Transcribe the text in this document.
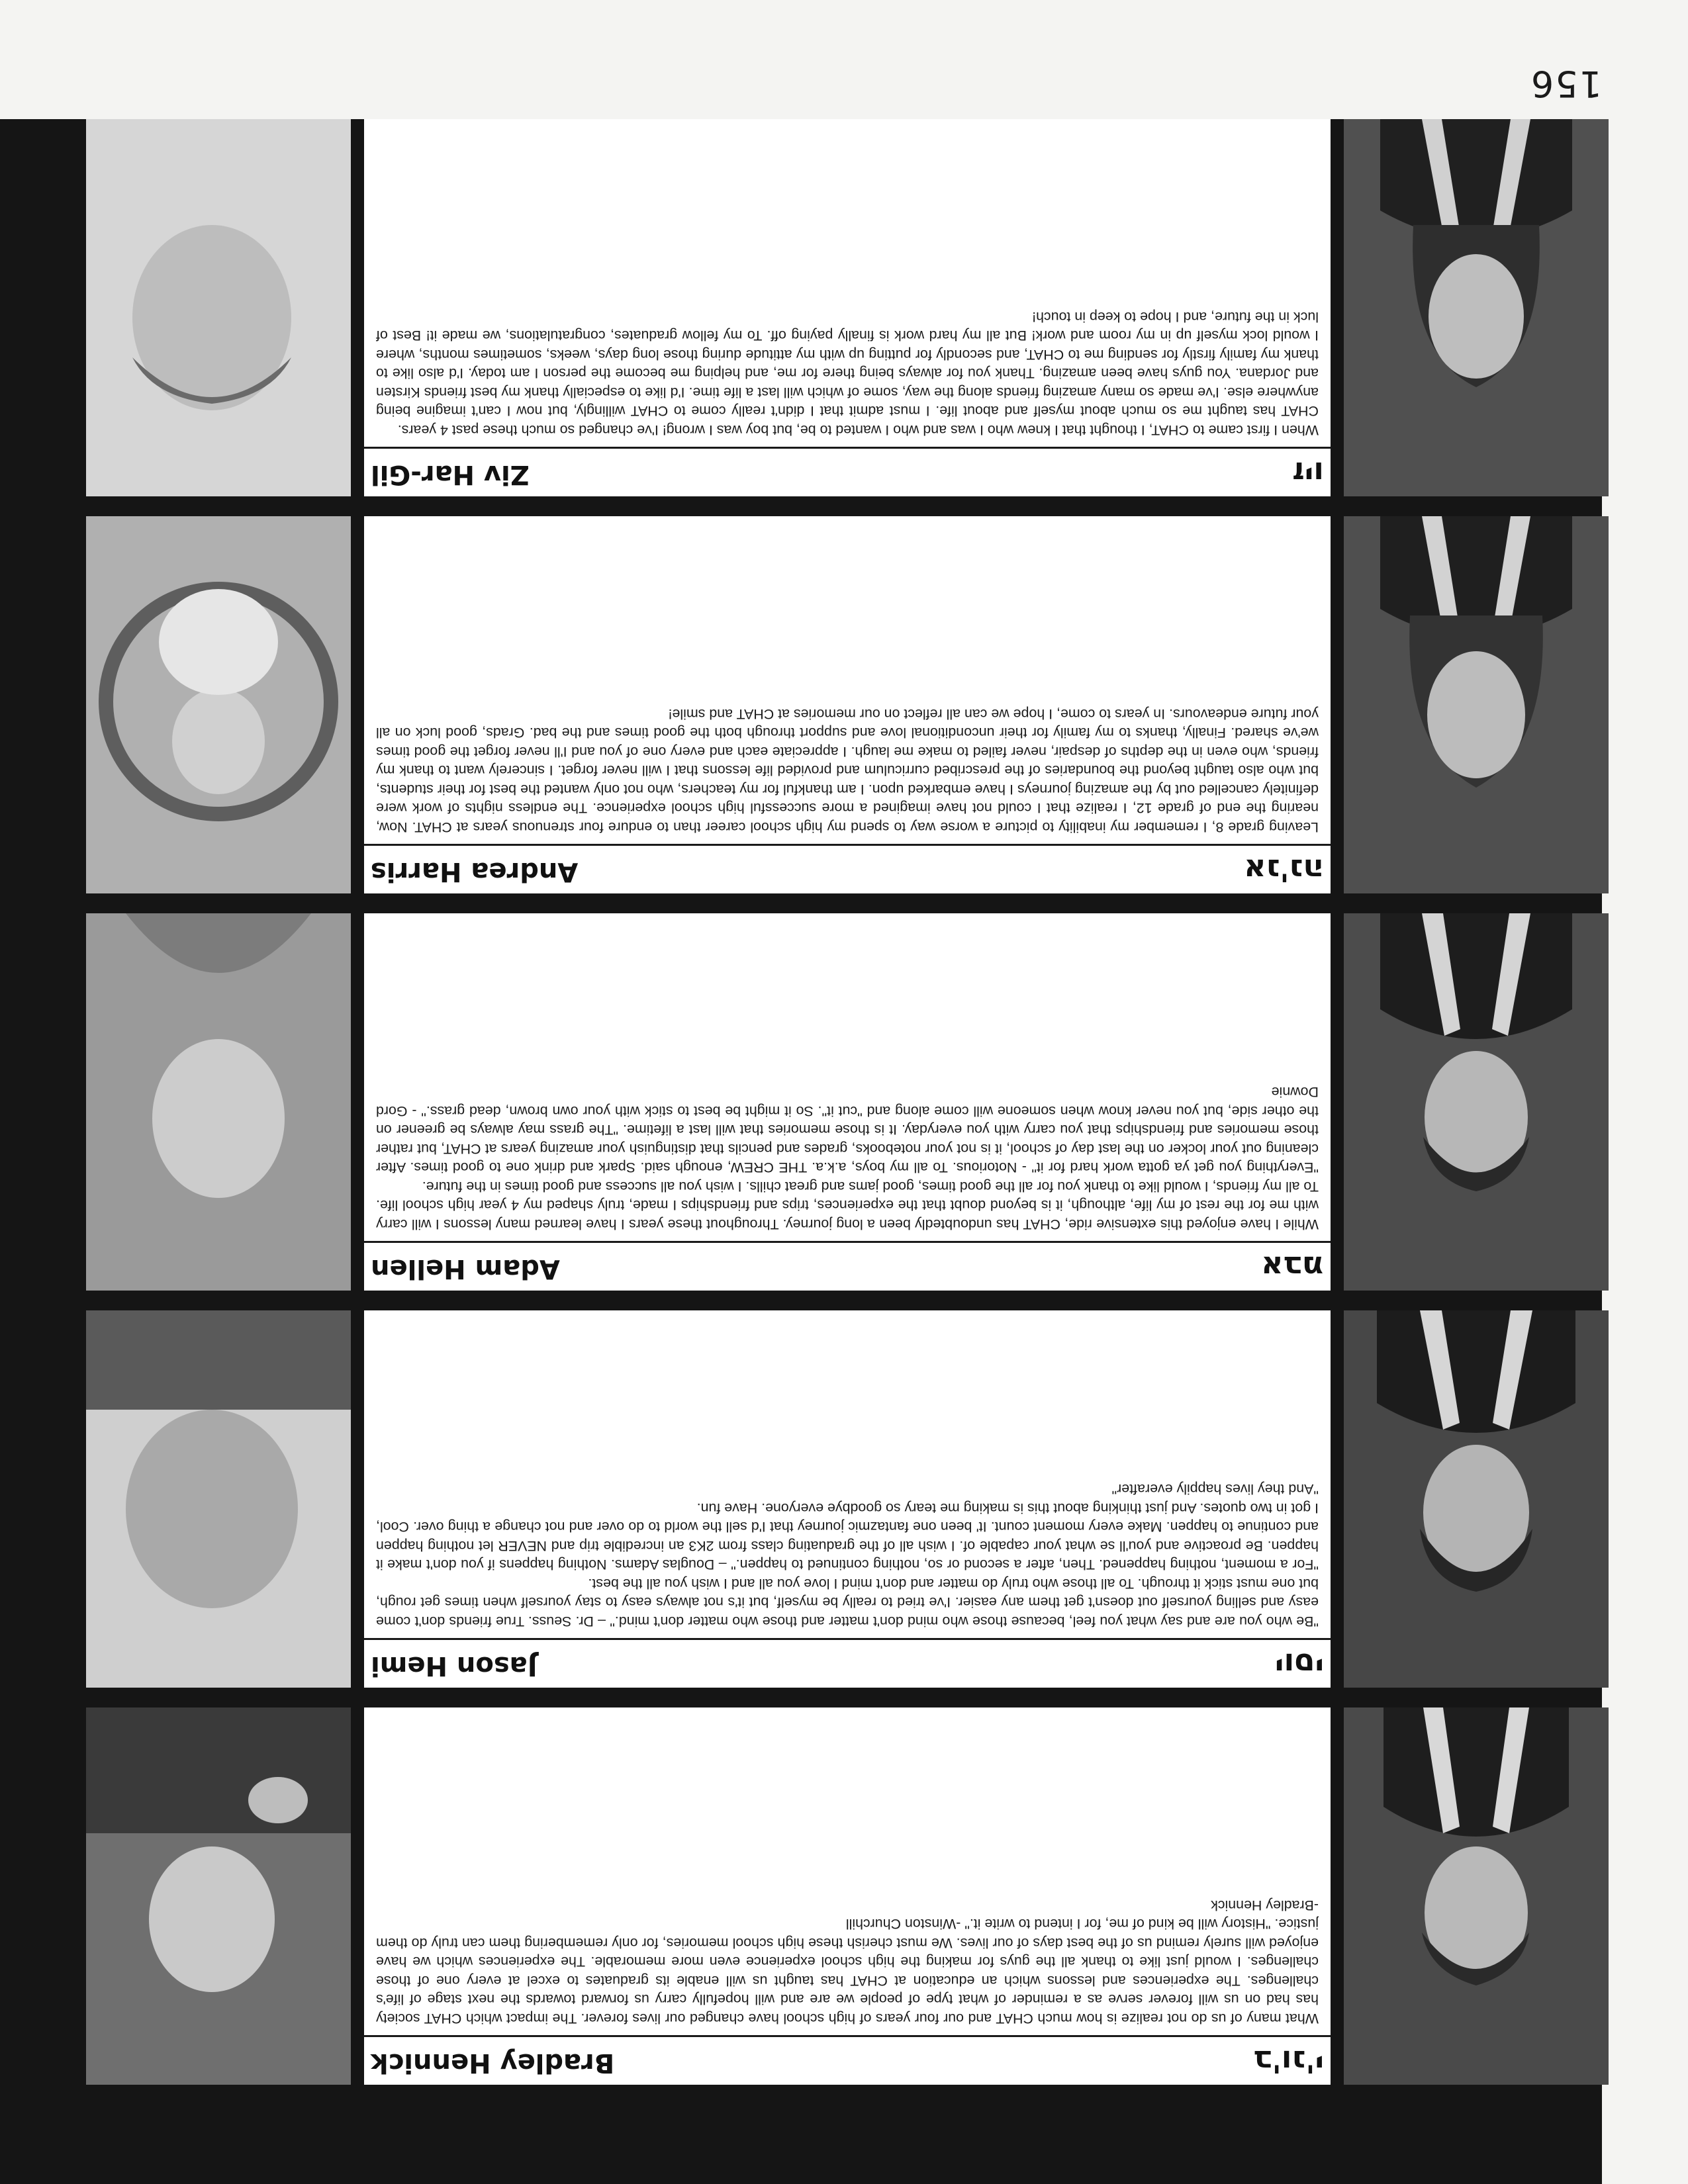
Bradley Hennick	ב'ונ'י

What many of us do not realize is how much CHAT and our four years of high school have changed our lives forever. The impact which CHAT society has had on us will forever serve as a reminder of what type of people we are and will hopefully carry us forward towards the next stage of life's challenges. The experiences and lessons which an education at CHAT has taught us will enable its graduates to excel at every one of those challenges. I would just like to thank all the guys for making the high school experience even more memorable. The experiences which we have enjoyed will surely remind us of the best days of our lives. We must cherish these high school memories, for only remembering them can truly do them justice. "History will be kind of me, for I intend to write it." -Winston Churchill
-Bradley Hennick

Jason Hemi	יוסי

"Be who you are and say what you feel, because those who mind don't matter and those who matter don't mind." – Dr. Seuss. True friends don't come easy and selling yourself out doesn't get them any easier. I've tried to really be myself, but it's not always easy to stay yourself when times get rough, but one must stick it through. To all those who truly do matter and don't mind I love you all and I wish you all the best.
"For a moment, nothing happened. Then, after a second or so, nothing continued to happen." – Douglas Adams. Nothing happens if you don't make it happen. Be proactive and you'll se what your capable of. I wish all of the graduating class from 2K3 an incredible trip and NEVER let nothing happen and continue to happen. Make every moment count. It' been one fantazmic journey that I'd sell the world to do over and not change a thing over. Cool, I got in two quotes. And just thinking about this is making me teary so goodbye everyone. Have fun.
"And they lives happily everafter"

Adam Hellen	אבמ

While I have enjoyed this extensive ride, CHAT has undoubtedly been a long journey. Throughout these years I have learned many lessons I will carry with me for the rest of my life, although, it is beyond doubt that the experiences, trips and friendships I made, truly shaped my 4 year high school life. To all my friends, I would like to thank you for all the good times, good jams and great chills. I wish you all success and good times in the future.
"Everything you get ya gotta work hard for it" - Notorious. To all my boys, a.k.a. THE CREW, enough said. Spark and drink one to good times. After cleaning out your locker on the last day of school, it is not your notebooks, grades and pencils that distinguish your amazing years at CHAT, but rather those memories and friendships that you carry with you everyday. It is those memories that will last a lifetime. "The grass may always be greener on the other side, but you never know when someone will come along and "cut it". So it might be best to stick with your own brown, dead grass." - Gord Downie

Andrea Harris	אנ'נה

Leaving grade 8, I remember my inability to picture a worse way to spend my high school career than to endure four strenuous years at CHAT. Now, nearing the end of grade 12, I realize that I could not have imagined a more successful high school experience. The endless nights of work were definitely cancelled out by the amazing journeys I have embarked upon. I am thankful for my teachers, who not only wanted the best for their students, but who also taught beyond the boundaries of the prescribed curriculum and provided life lessons that I will never forget. I sincerely want to thank my friends, who even in the depths of despair, never failed to make me laugh. I appreciate each and every one of you and I'll never forget the good times we've shared. Finally, thanks to my family for their unconditional love and support through both the good times and the bad. Grads, good luck on all your future endeavours. In years to come, I hope we can all reflect on our memories at CHAT and smile!

Ziv Har-Gil	זיו

When I first came to CHAT, I thought that I knew who I was and who I wanted to be, but boy was I wrong! I've changed so much these past 4 years.
CHAT has taught me so much about myself and about life. I must admit that I didn't really come to CHAT willingly, but now I can't imagine being anywhere else. I've made so many amazing friends along the way, some of which will last a life time. I'd like to especially thank my best friends Kirsten and Jordana. You guys have been amazing. Thank you for always being there for me, and helping me become the person I am today. I'd also like to thank my family firstly for sending me to CHAT, and secondly for putting up with my attitude during those long days, weeks, sometimes months, where I would lock myself up in my room and work! But all my hard work is finally paying off. To my fellow graduates, congratulations, we made it! Best of luck in the future, and I hope to keep in touch!

156
